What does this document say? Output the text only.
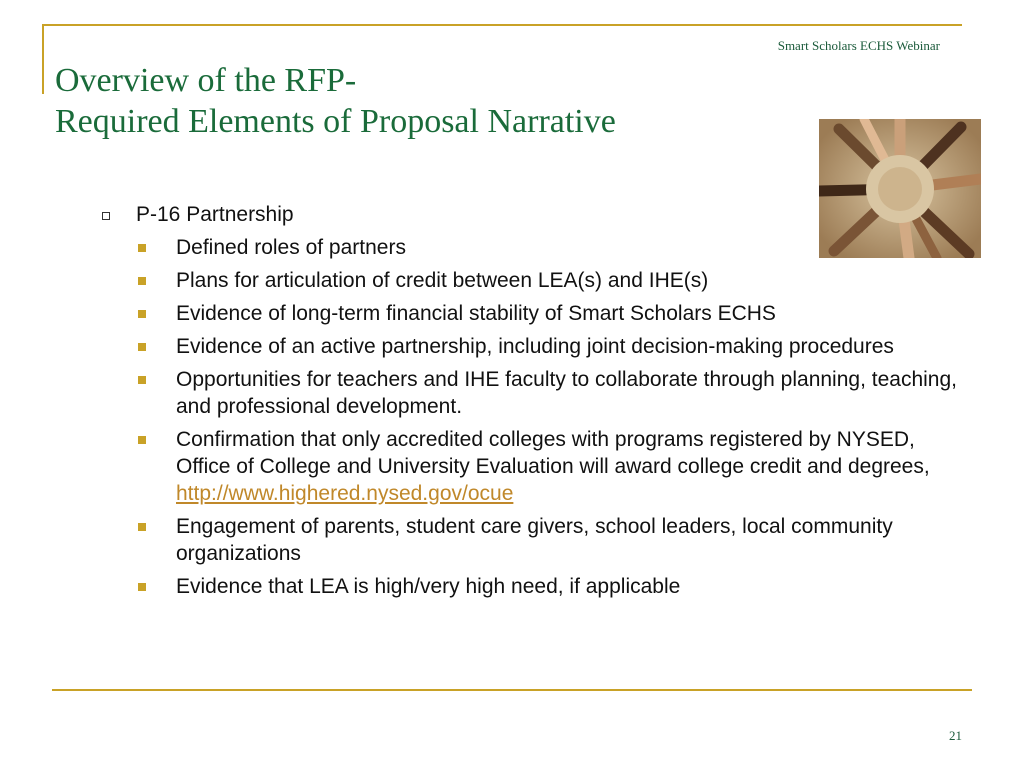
Smart Scholars ECHS Webinar
Overview of the RFP-
Required Elements of Proposal Narrative
P-16 Partnership
Defined roles of partners
Plans for articulation of credit between LEA(s) and IHE(s)
Evidence of long-term financial stability of Smart Scholars ECHS
Evidence of an active partnership, including joint decision-making procedures
Opportunities for teachers and IHE faculty to collaborate through planning, teaching, and professional development.
Confirmation that only accredited colleges with programs registered by NYSED, Office of College and University Evaluation will award college credit and degrees, http://www.highered.nysed.gov/ocue
Engagement of parents, student care givers, school leaders, local community organizations
Evidence that LEA is high/very high need, if applicable
21
